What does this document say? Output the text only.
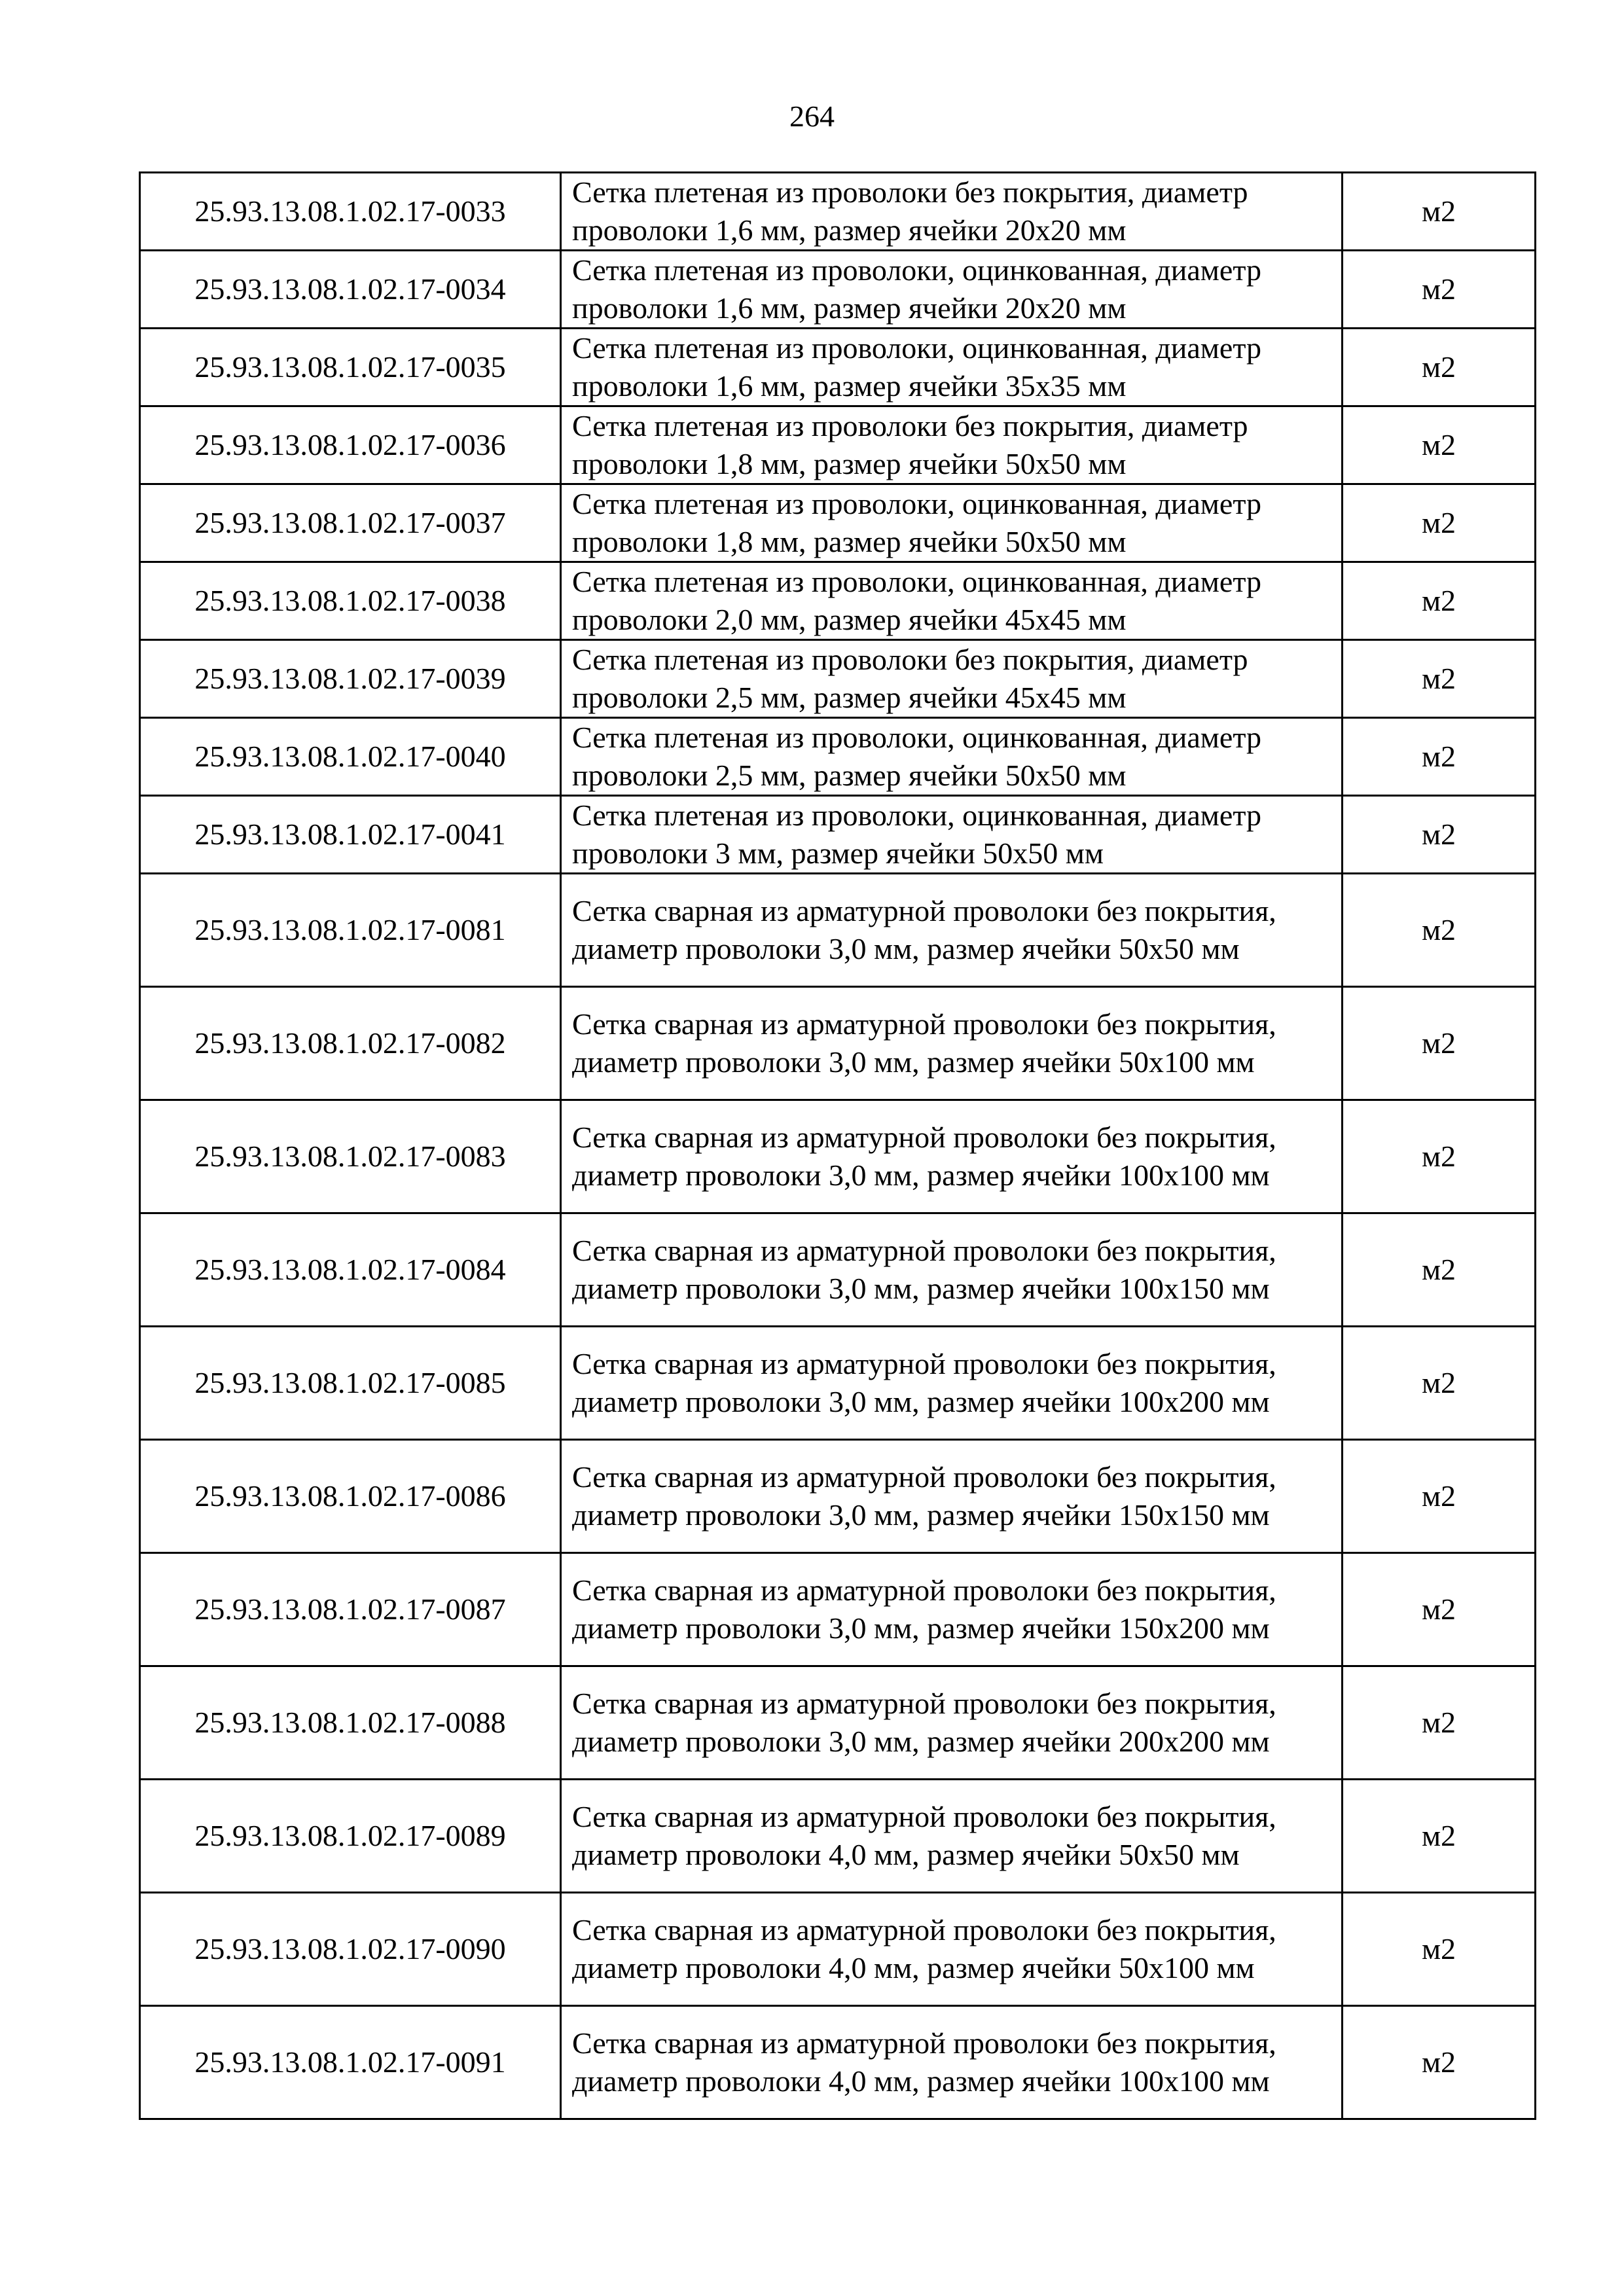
264
25.93.13.08.1.02.17-0033	Сетка плетеная из проволоки без покрытия, диаметр проволоки 1,6 мм, размер ячейки 20х20 мм	м2
25.93.13.08.1.02.17-0034	Сетка плетеная из проволоки, оцинкованная, диаметр проволоки 1,6 мм, размер ячейки 20х20 мм	м2
25.93.13.08.1.02.17-0035	Сетка плетеная из проволоки, оцинкованная, диаметр проволоки 1,6 мм, размер ячейки 35х35 мм	м2
25.93.13.08.1.02.17-0036	Сетка плетеная из проволоки без покрытия, диаметр проволоки 1,8 мм, размер ячейки 50х50 мм	м2
25.93.13.08.1.02.17-0037	Сетка плетеная из проволоки, оцинкованная, диаметр проволоки 1,8 мм, размер ячейки 50х50 мм	м2
25.93.13.08.1.02.17-0038	Сетка плетеная из проволоки, оцинкованная, диаметр проволоки 2,0 мм, размер ячейки 45х45 мм	м2
25.93.13.08.1.02.17-0039	Сетка плетеная из проволоки без покрытия, диаметр проволоки 2,5 мм, размер ячейки 45х45 мм	м2
25.93.13.08.1.02.17-0040	Сетка плетеная из проволоки, оцинкованная, диаметр проволоки 2,5 мм, размер ячейки 50х50 мм	м2
25.93.13.08.1.02.17-0041	Сетка плетеная из проволоки, оцинкованная, диаметр проволоки 3 мм, размер ячейки 50х50 мм	м2
25.93.13.08.1.02.17-0081	Сетка сварная из арматурной проволоки без покрытия, диаметр проволоки 3,0 мм, размер ячейки 50х50 мм	м2
25.93.13.08.1.02.17-0082	Сетка сварная из арматурной проволоки без покрытия, диаметр проволоки 3,0 мм, размер ячейки 50х100 мм	м2
25.93.13.08.1.02.17-0083	Сетка сварная из арматурной проволоки без покрытия, диаметр проволоки 3,0 мм, размер ячейки 100х100 мм	м2
25.93.13.08.1.02.17-0084	Сетка сварная из арматурной проволоки без покрытия, диаметр проволоки 3,0 мм, размер ячейки 100х150 мм	м2
25.93.13.08.1.02.17-0085	Сетка сварная из арматурной проволоки без покрытия, диаметр проволоки 3,0 мм, размер ячейки 100х200 мм	м2
25.93.13.08.1.02.17-0086	Сетка сварная из арматурной проволоки без покрытия, диаметр проволоки 3,0 мм, размер ячейки 150х150 мм	м2
25.93.13.08.1.02.17-0087	Сетка сварная из арматурной проволоки без покрытия, диаметр проволоки 3,0 мм, размер ячейки 150х200 мм	м2
25.93.13.08.1.02.17-0088	Сетка сварная из арматурной проволоки без покрытия, диаметр проволоки 3,0 мм, размер ячейки 200х200 мм	м2
25.93.13.08.1.02.17-0089	Сетка сварная из арматурной проволоки без покрытия, диаметр проволоки 4,0 мм, размер ячейки 50х50 мм	м2
25.93.13.08.1.02.17-0090	Сетка сварная из арматурной проволоки без покрытия, диаметр проволоки 4,0 мм, размер ячейки 50х100 мм	м2
25.93.13.08.1.02.17-0091	Сетка сварная из арматурной проволоки без покрытия, диаметр проволоки 4,0 мм, размер ячейки 100х100 мм	м2
